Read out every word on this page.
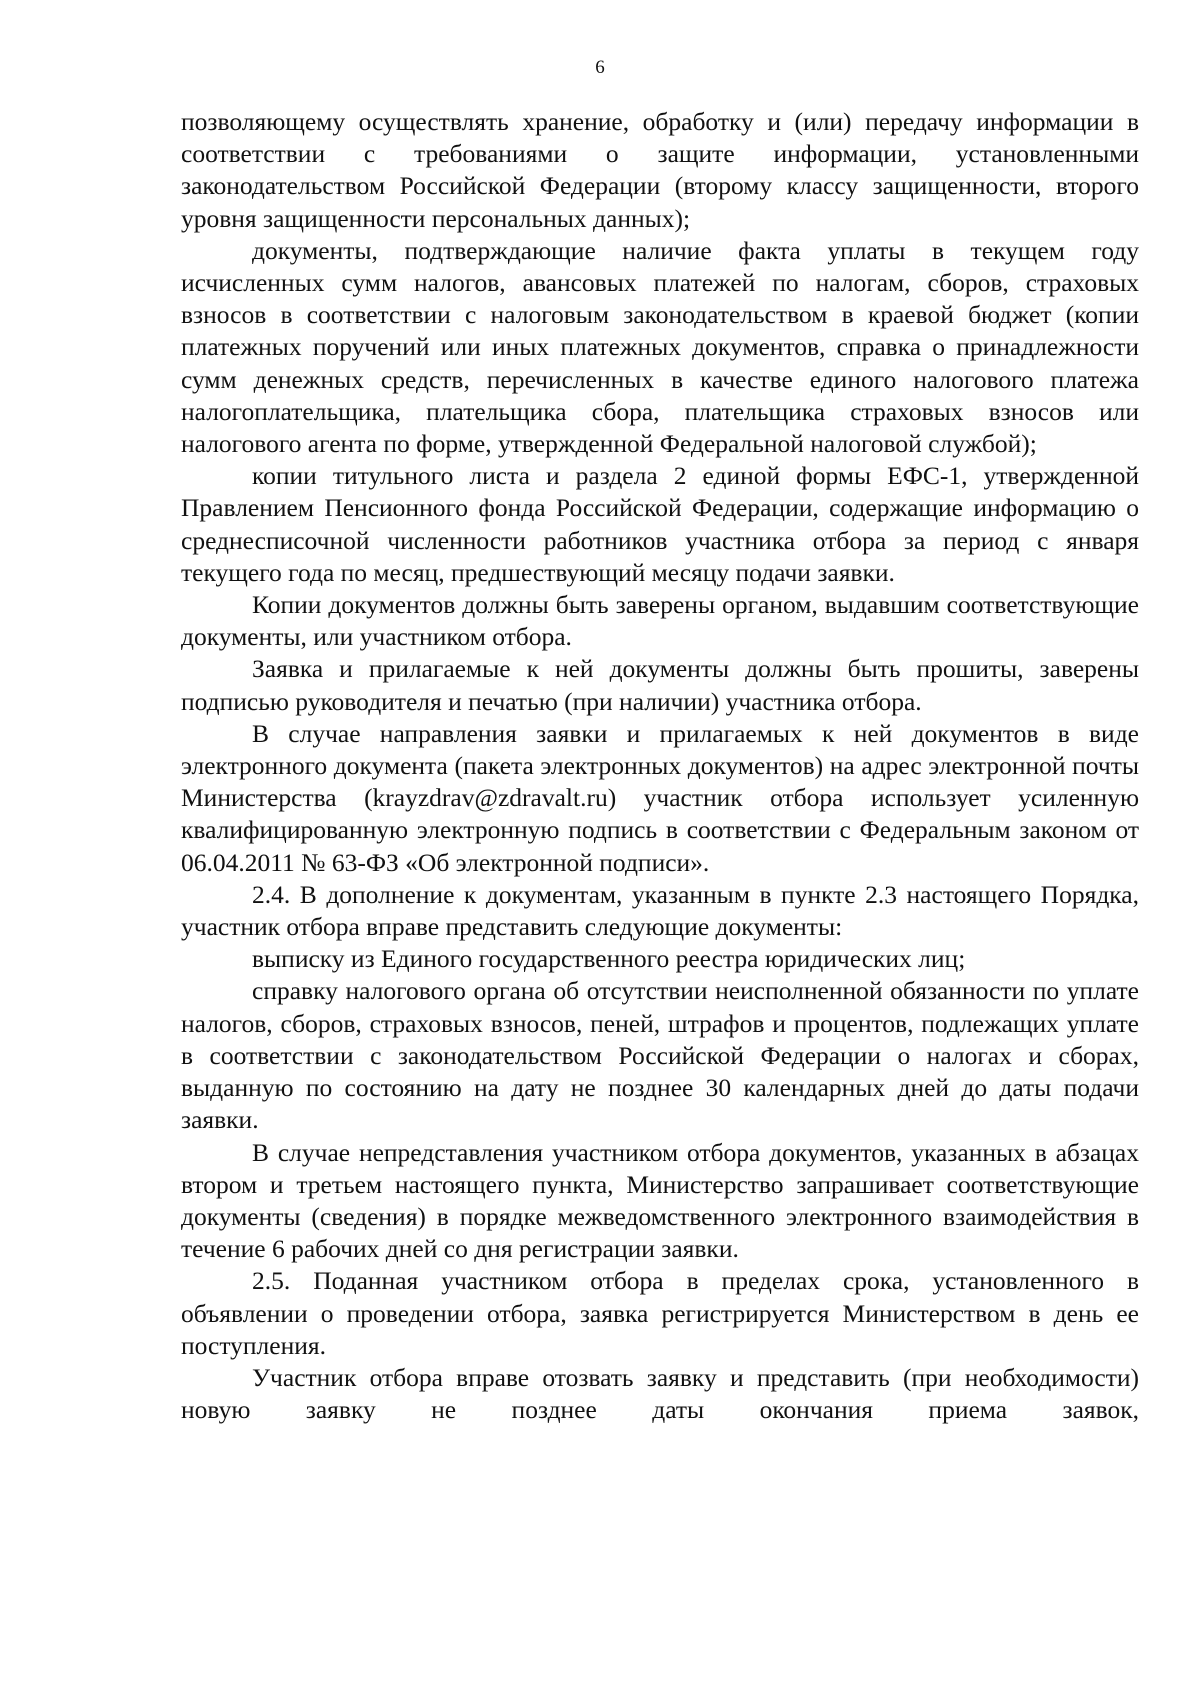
6

позволяющему осуществлять хранение, обработку и (или) передачу информации в соответствии с требованиями о защите информации, установленными законодательством Российской Федерации (второму классу защищенности, второго уровня защищенности персональных данных);

документы, подтверждающие наличие факта уплаты в текущем году исчисленных сумм налогов, авансовых платежей по налогам, сборов, страховых взносов в соответствии с налоговым законодательством в краевой бюджет (копии платежных поручений или иных платежных документов, справка о принадлежности сумм денежных средств, перечисленных в качестве единого налогового платежа налогоплательщика, плательщика сбора, плательщика страховых взносов или налогового агента по форме, утвержденной Федеральной налоговой службой);

копии титульного листа и раздела 2 единой формы ЕФС-1, утвержденной Правлением Пенсионного фонда Российской Федерации, содержащие информацию о среднесписочной численности работников участника отбора за период с января текущего года по месяц, предшествующий месяцу подачи заявки.

Копии документов должны быть заверены органом, выдавшим соответствующие документы, или участником отбора.

Заявка и прилагаемые к ней документы должны быть прошиты, заверены подписью руководителя и печатью (при наличии) участника отбора.

В случае направления заявки и прилагаемых к ней документов в виде электронного документа (пакета электронных документов) на адрес электронной почты Министерства (krayzdrav@zdravalt.ru) участник отбора использует усиленную квалифицированную электронную подпись в соответствии с Федеральным законом от 06.04.2011 № 63-ФЗ «Об электронной подписи».

2.4. В дополнение к документам, указанным в пункте 2.3 настоящего Порядка, участник отбора вправе представить следующие документы:

выписку из Единого государственного реестра юридических лиц;

справку налогового органа об отсутствии неисполненной обязанности по уплате налогов, сборов, страховых взносов, пеней, штрафов и процентов, подлежащих уплате в соответствии с законодательством Российской Федерации о налогах и сборах, выданную по состоянию на дату не позднее 30 календарных дней до даты подачи заявки.

В случае непредставления участником отбора документов, указанных в абзацах втором и третьем настоящего пункта, Министерство запрашивает соответствующие документы (сведения) в порядке межведомственного электронного взаимодействия в течение 6 рабочих дней со дня регистрации заявки.

2.5. Поданная участником отбора в пределах срока, установленного в объявлении о проведении отбора, заявка регистрируется Министерством в день ее поступления.

Участник отбора вправе отозвать заявку и представить (при необходимости) новую заявку не позднее даты окончания приема заявок,
